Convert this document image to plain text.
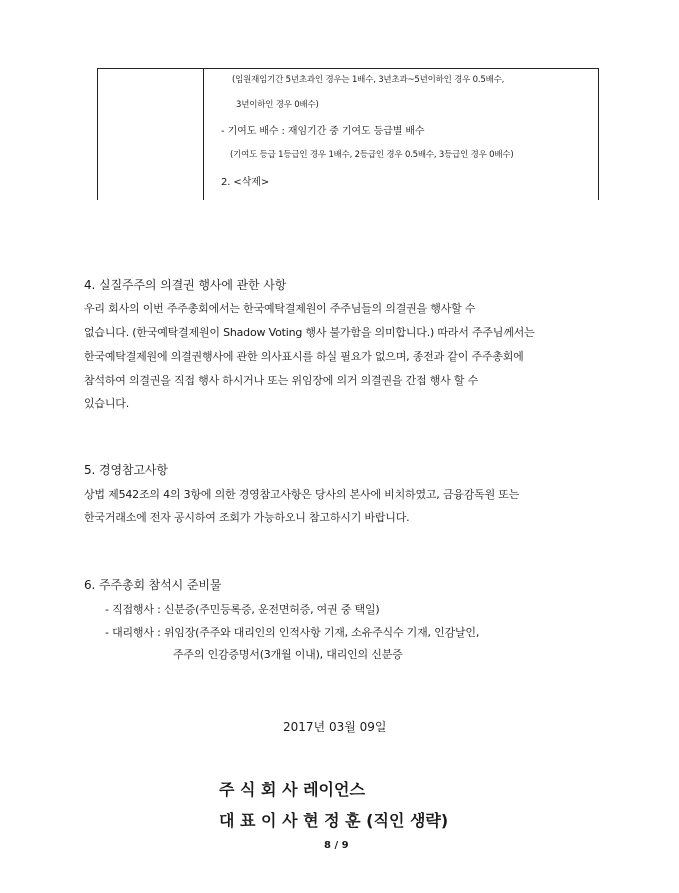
(임원재임기간 5년초과인 경우는 1배수, 3년초과~5년이하인 경우 0.5배수,
3년이하인 경우 0배수)
- 기여도 배수 : 재임기간 중 기여도 등급별 배수
(기여도 등급 1등급인 경우 1배수, 2등급인 경우 0.5배수, 3등급인 경우 0배수)
2. <삭제>
4. 실질주주의 의결권 행사에 관한 사항
우리 회사의 이번 주주총회에서는 한국예탁결제원이 주주님들의 의결권을 행사할 수
없습니다. (한국예탁결제원이 Shadow Voting 행사 불가함을 의미합니다.) 따라서 주주님께서는
한국예탁결제원에 의결권행사에 관한 의사표시를 하실 필요가 없으며, 종전과 같이 주주총회에
참석하여 의결권을 직접 행사 하시거나 또는 위임장에 의거 의결권을 간접 행사 할 수
있습니다.
5. 경영참고사항
상법 제542조의 4의 3항에 의한 경영참고사항은 당사의 본사에 비치하였고, 금융감독원 또는
한국거래소에 전자 공시하여 조회가 가능하오니 참고하시기 바랍니다.
6. 주주총회 참석시 준비물
- 직접행사 : 신분증(주민등록증, 운전면허증, 여권 중 택일)
- 대리행사 : 위임장(주주와 대리인의 인적사항 기재, 소유주식수 기재, 인감날인,
주주의 인감증명서(3개월 이내), 대리인의 신분증
2017년 03월 09일
주 식 회 사 레이언스
대 표 이 사 현 정 훈 (직인 생략)
8 / 9
